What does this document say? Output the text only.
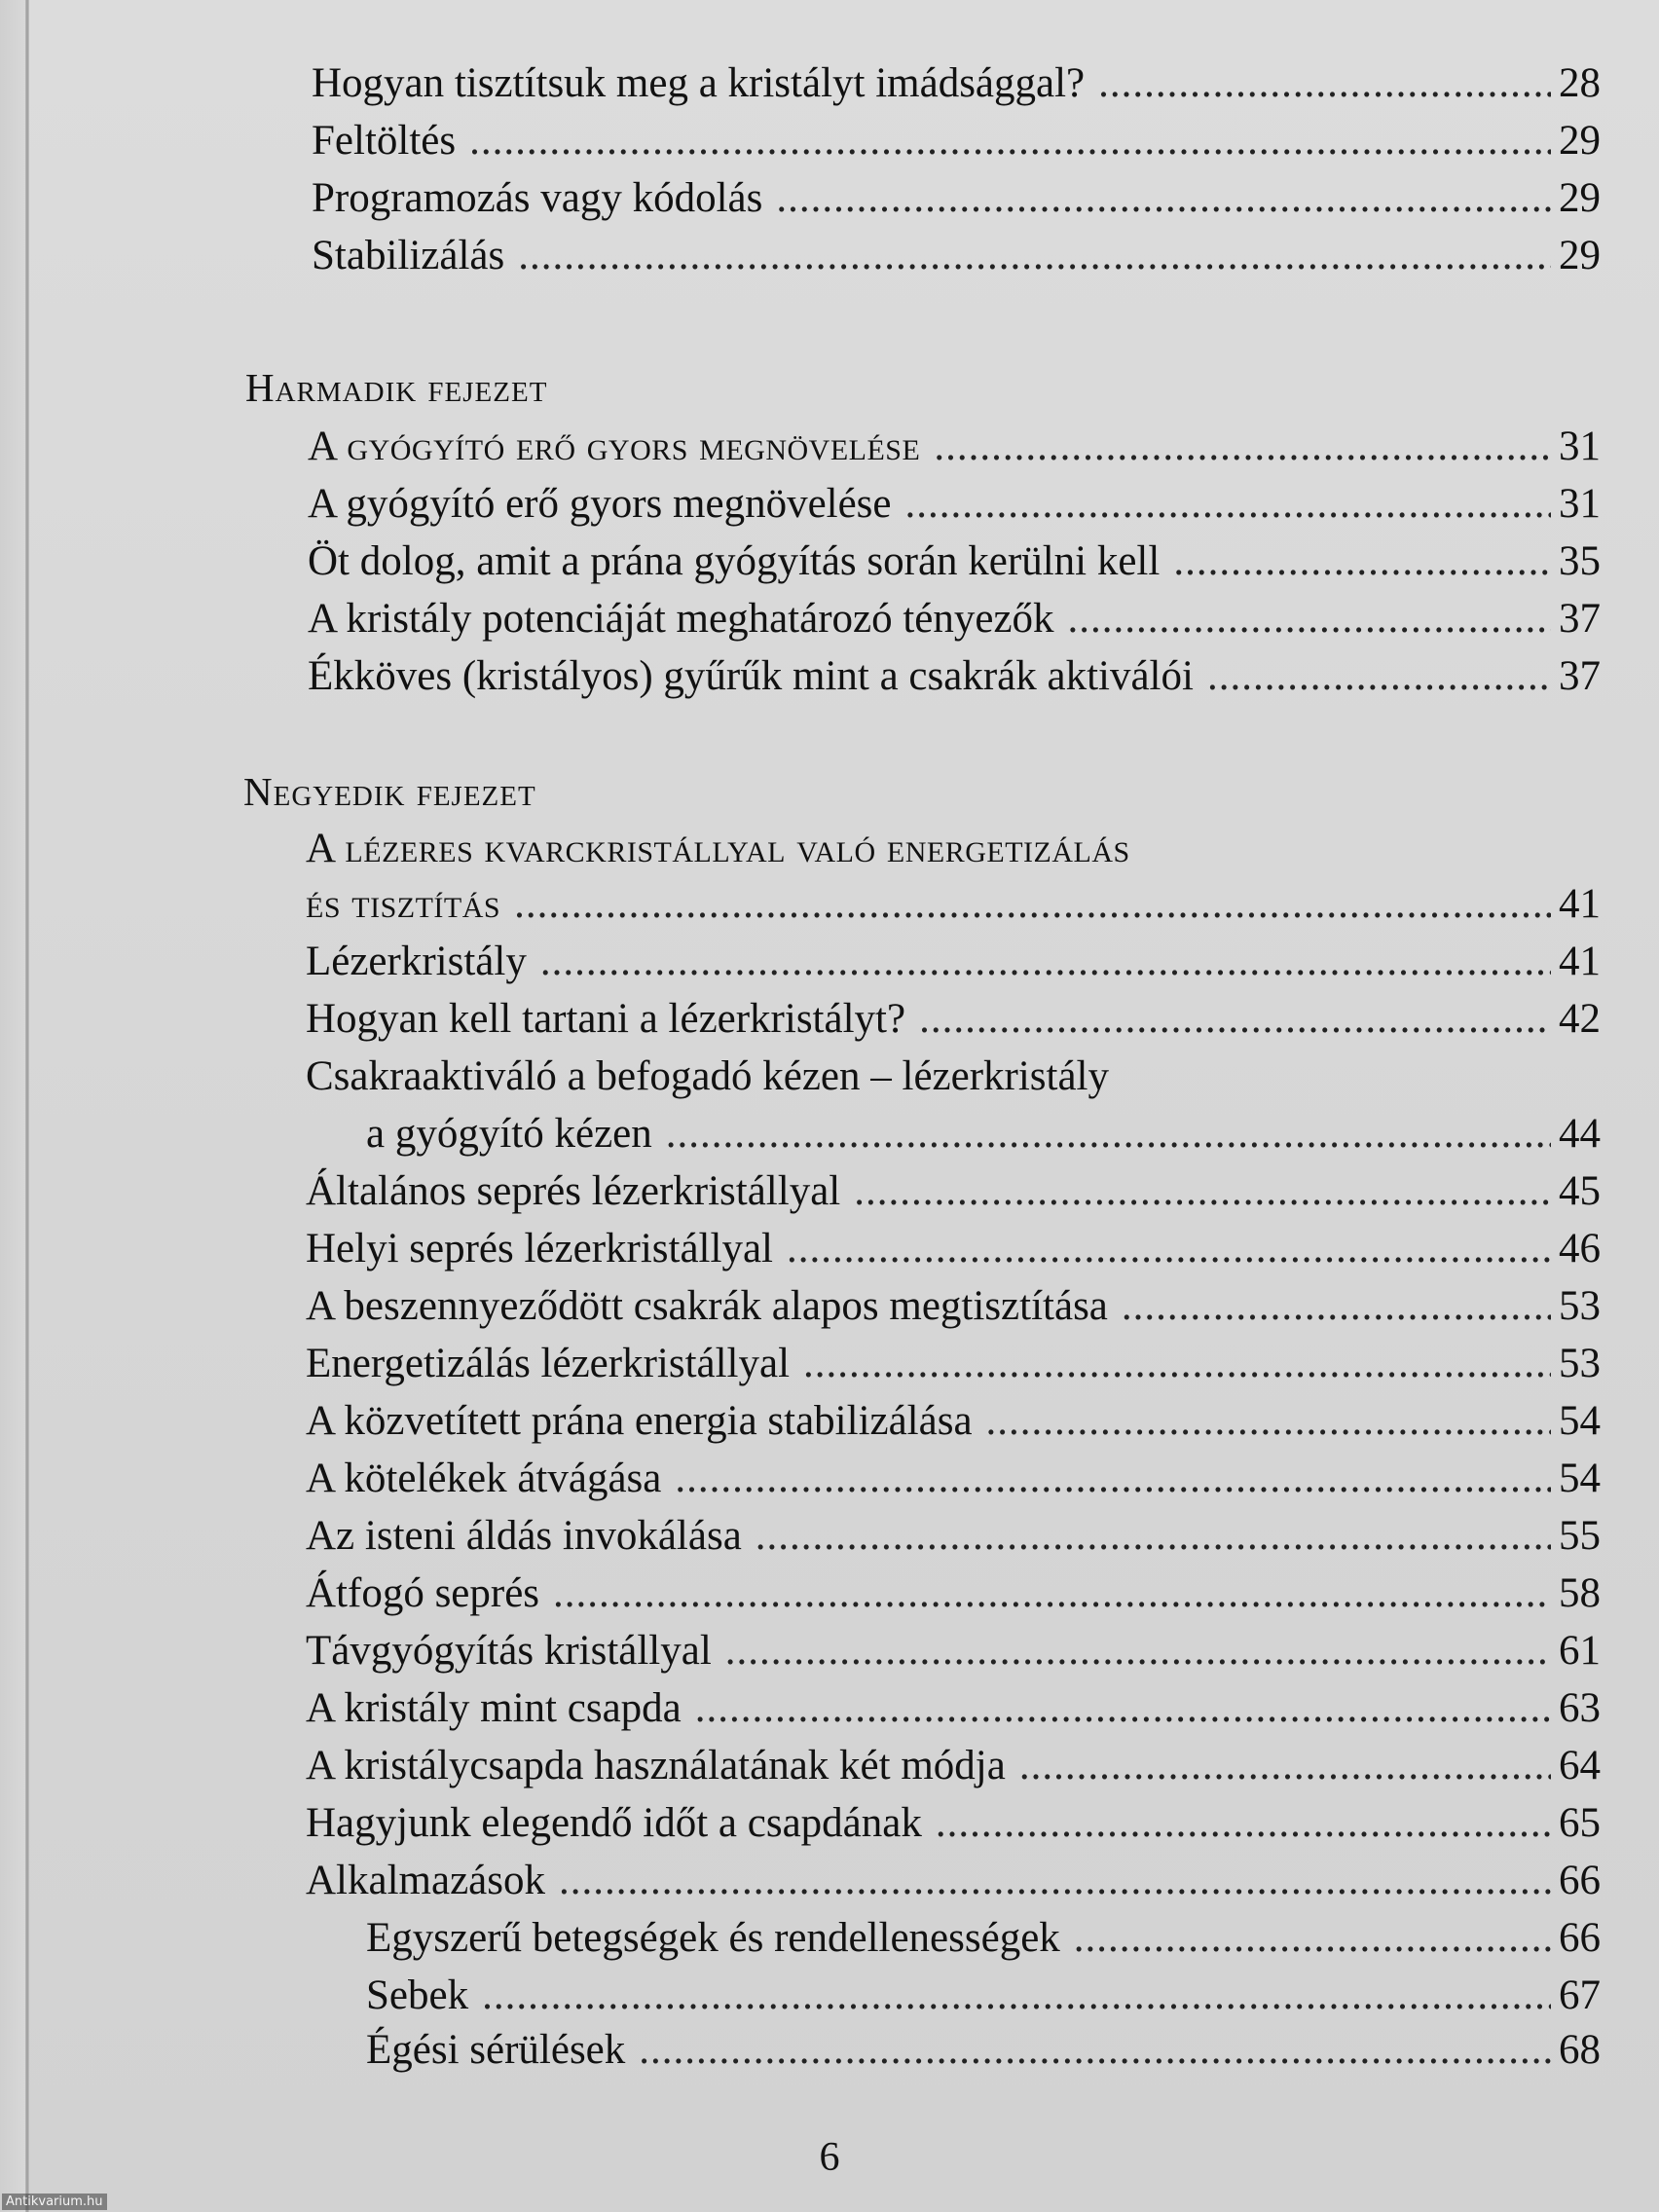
Hogyan tisztítsuk meg a kristályt imádsággal? .....	28
Feltöltés .....	29
Programozás vagy kódolás .....	29
Stabilizálás .....	29
Harmadik fejezet
A gyógyító erő gyors megnövelése .....	31
A gyógyító erő gyors megnövelése .....	31
Öt dolog, amit a prána gyógyítás során kerülni kell .....	35
A kristály potenciáját meghatározó tényezők .....	37
Ékköves (kristályos) gyűrűk mint a csakrák aktiválói .....	37
Negyedik fejezet
A lézeres kvarckristállyal való energetizálás
és tisztítás .....	41
Lézerkristály .....	41
Hogyan kell tartani a lézerkristályt? .....	42
Csakraaktiváló a befogadó kézen – lézerkristály
a gyógyító kézen .....	44
Általános seprés lézerkristállyal .....	45
Helyi seprés lézerkristállyal .....	46
A beszennyeződött csakrák alapos megtisztítása .....	53
Energetizálás lézerkristállyal .....	53
A közvetített prána energia stabilizálása .....	54
A kötelékek átvágása .....	54
Az isteni áldás invokálása .....	55
Átfogó seprés .....	58
Távgyógyítás kristállyal .....	61
A kristály mint csapda .....	63
A kristálycsapda használatának két módja .....	64
Hagyjunk elegendő időt a csapdának .....	65
Alkalmazások .....	66
Egyszerű betegségek és rendellenességek .....	66
Sebek .....	67
Égési sérülések .....	68
6
Antikvarium.hu
